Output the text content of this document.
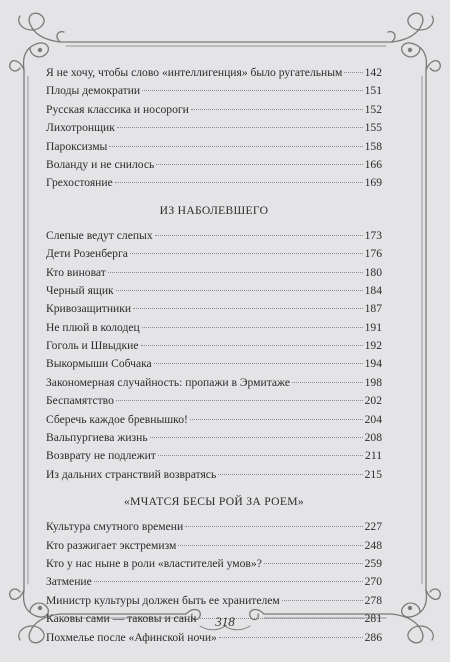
Я не хочу, чтобы слово «интеллигенция» было ругательным 142
Плоды демократии	151
Русская классика и носороги	152
Лихотронщик	155
Пароксизмы	158
Воланду и не снилось	166
Грехостояние	169
ИЗ НАБОЛЕВШЕГО
Слепые ведут слепых	173
Дети Розенберга	176
Кто виноват	180
Черный ящик	184
Кривозащитники	187
Не плюй в колодец	191
Гоголь и Швыдкие	192
Выкормыши Собчака	194
Закономерная случайность: пропажи в Эрмитаже	198
Беспамятство	202
Сберечь каждое бревнышко!	204
Вальпургиева жизнь	208
Возврату не подлежит	211
Из дальних странствий возвратясь	215
«МЧАТСЯ БЕСЫ РОЙ ЗА РОЕМ»
Культура смутного времени	227
Кто разжигает экстремизм	248
Кто у нас ныне в роли «властителей умов»?	259
Затмение	270
Министр культуры должен быть ее хранителем	278
Каковы сами — таковы и сани	281
Похмелье после «Афинской ночи»	286
318
